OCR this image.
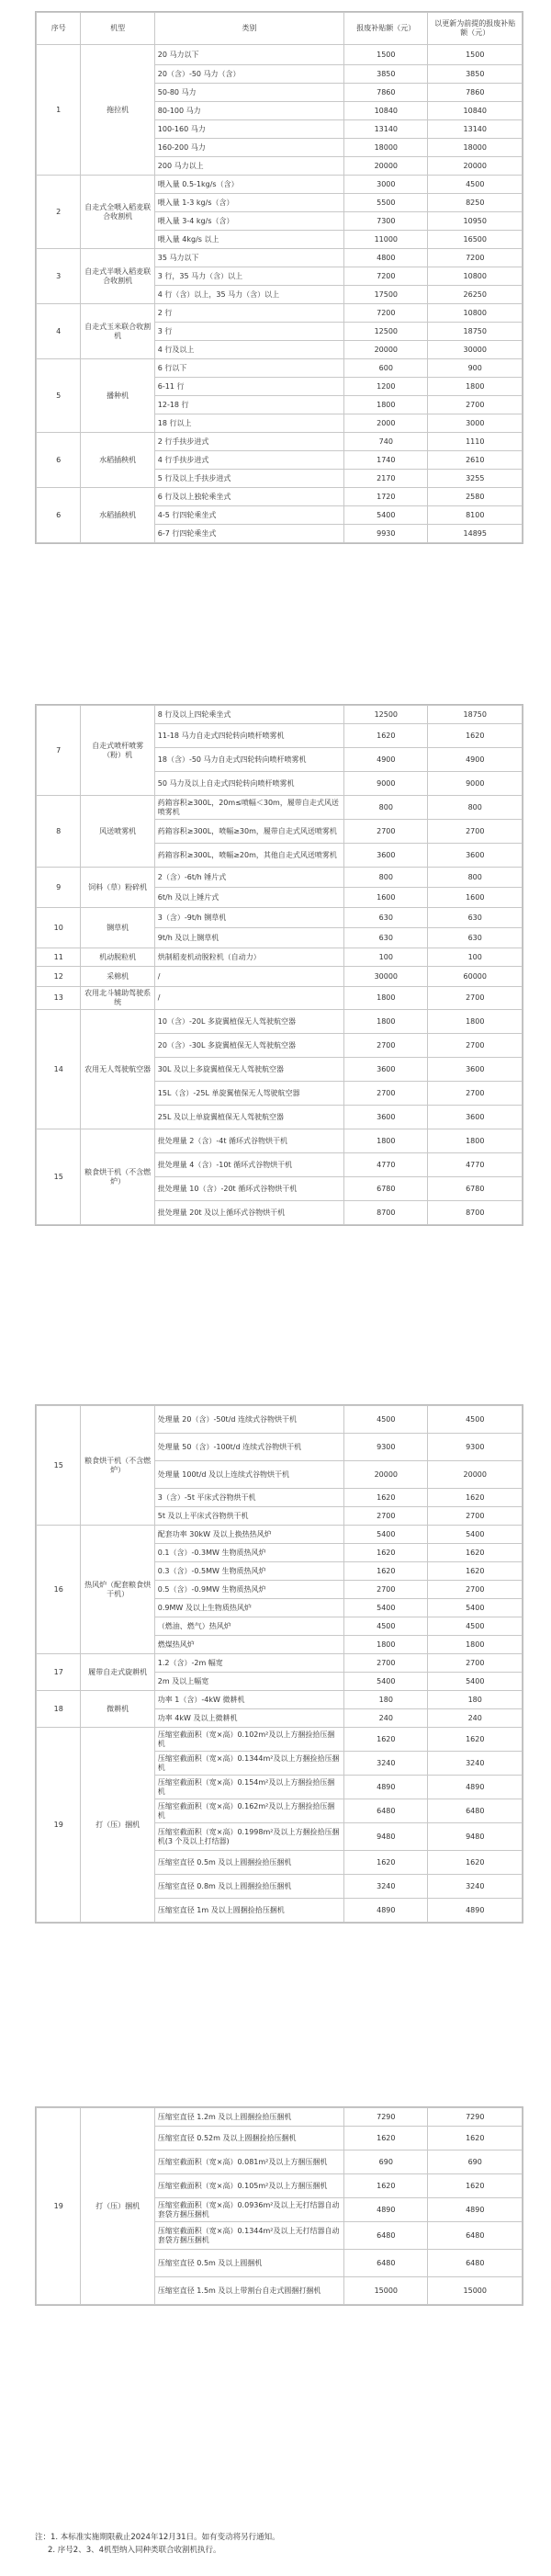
序号	机型	类别	报废补贴额（元）	以更新为前提的报废补贴额（元）
1	拖拉机	20 马力以下	1500	1500
		20（含）-50 马力（含）	3850	3850
		50-80 马力	7860	7860
		80-100 马力	10840	10840
		100-160 马力	13140	13140
		160-200 马力	18000	18000
		200 马力以上	20000	20000
2	自走式全喂入稻麦联合收割机	喂入量 0.5-1kg/s（含）	3000	4500
		喂入量 1-3 kg/s（含）	5500	8250
		喂入量 3-4 kg/s（含）	7300	10950
		喂入量 4kg/s 以上	11000	16500
3	自走式半喂入稻麦联合收割机	35 马力以下	4800	7200
		3 行，35 马力（含）以上	7200	10800
		4 行（含）以上，35 马力（含）以上	17500	26250
4	自走式玉米联合收割机	2 行	7200	10800
		3 行	12500	18750
		4 行及以上	20000	30000
5	播种机	6 行以下	600	900
		6-11 行	1200	1800
		12-18 行	1800	2700
		18 行以上	2000	3000
6	水稻插秧机	2 行手扶步进式	740	1110
		4 行手扶步进式	1740	2610
		5 行及以上手扶步进式	2170	3255
6	水稻插秧机	6 行及以上独轮乘坐式	1720	2580
		4-5 行四轮乘坐式	5400	8100
		6-7 行四轮乘坐式	9930	14895
7	自走式喷杆喷雾（粉）机	8 行及以上四轮乘坐式	12500	18750
		11-18 马力自走式四轮转向喷杆喷雾机	1620	1620
		18（含）-50 马力自走式四轮转向喷杆喷雾机	4900	4900
		50 马力及以上自走式四轮转向喷杆喷雾机	9000	9000
8	风送喷雾机	药箱容积≥300L，20m≤喷幅＜30m，履带自走式风送喷雾机	800	800
		药箱容积≥300L，喷幅≥30m，履带自走式风送喷雾机	2700	2700
		药箱容积≥300L，喷幅≥20m，其他自走式风送喷雾机	3600	3600
9	饲料（草）粉碎机	2（含）-6t/h 锤片式	800	800
		6t/h 及以上锤片式	1600	1600
10	铡草机	3（含）-9t/h 铡草机	630	630
		9t/h 及以上铡草机	630	630
11	机动脱粒机	烘制稻麦机动脱粒机（自动力）	100	100
12	采棉机	/	30000	60000
13	农用北斗辅助驾驶系统	/	1800	2700
14	农用无人驾驶航空器	10（含）-20L 多旋翼植保无人驾驶航空器	1800	1800
		20（含）-30L 多旋翼植保无人驾驶航空器	2700	2700
		30L 及以上多旋翼植保无人驾驶航空器	3600	3600
		15L（含）-25L 单旋翼植保无人驾驶航空器	2700	2700
		25L 及以上单旋翼植保无人驾驶航空器	3600	3600
15	粮食烘干机（不含燃炉）	批处理量 2（含）-4t 循环式谷物烘干机	1800	1800
		批处理量 4（含）-10t 循环式谷物烘干机	4770	4770
		批处理量 10（含）-20t 循环式谷物烘干机	6780	6780
		批处理量 20t 及以上循环式谷物烘干机	8700	8700
15	粮食烘干机（不含燃炉）	处理量 20（含）-50t/d 连续式谷物烘干机	4500	4500
		处理量 50（含）-100t/d 连续式谷物烘干机	9300	9300
		处理量 100t/d 及以上连续式谷物烘干机	20000	20000
		3（含）-5t 平床式谷物烘干机	1620	1620
		5t 及以上平床式谷物烘干机	2700	2700
16	热风炉（配套粮食烘干机）	配套功率 30kW 及以上换热热风炉	5400	5400
		0.1（含）-0.3MW 生物质热风炉	1620	1620
		0.3（含）-0.5MW 生物质热风炉	1620	1620
		0.5（含）-0.9MW 生物质热风炉	2700	2700
		0.9MW 及以上生物质热风炉	5400	5400
		（燃油、燃气）热风炉	4500	4500
		燃煤热风炉	1800	1800
17	履带自走式旋耕机	1.2（含）-2m 幅宽	2700	2700
		2m 及以上幅宽	5400	5400
18	微耕机	功率 1（含）-4kW 微耕机	180	180
		功率 4kW 及以上微耕机	240	240
19	打（压）捆机	压缩室截面积（宽×高）0.102m²及以上方捆捡拾压捆机	1620	1620
		压缩室截面积（宽×高）0.1344m²及以上方捆捡拾压捆机	3240	3240
		压缩室截面积（宽×高）0.154m²及以上方捆捡拾压捆机	4890	4890
		压缩室截面积（宽×高）0.162m²及以上方捆捡拾压捆机	6480	6480
		压缩室截面积（宽×高）0.1998m²及以上方捆捡拾压捆机(3 个及以上打结器)	9480	9480
		压缩室直径 0.5m 及以上圆捆捡拾压捆机	1620	1620
		压缩室直径 0.8m 及以上圆捆捡拾压捆机	3240	3240
		压缩室直径 1m 及以上圆捆捡拾压捆机	4890	4890
19	打（压）捆机	压缩室直径 1.2m 及以上圆捆捡拾压捆机	7290	7290
		压缩室直径 0.52m 及以上圆捆捡拾压捆机	1620	1620
		压缩室截面积（宽×高）0.081m²及以上方捆压捆机	690	690
		压缩室截面积（宽×高）0.105m²及以上方捆压捆机	1620	1620
		压缩室截面积（宽×高）0.0936m²及以上无打结器自动套袋方捆压捆机	4890	4890
		压缩室截面积（宽×高）0.1344m²及以上无打结器自动套袋方捆压捆机	6480	6480
		压缩室直径 0.5m 及以上圆捆机	6480	6480
		压缩室直径 1.5m 及以上带割台自走式圆捆打捆机	15000	15000
注：1. 本标准实施期限截止2024年12月31日。如有变动将另行通知。
2. 序号2、3、4机型纳入同种类联合收割机执行。
